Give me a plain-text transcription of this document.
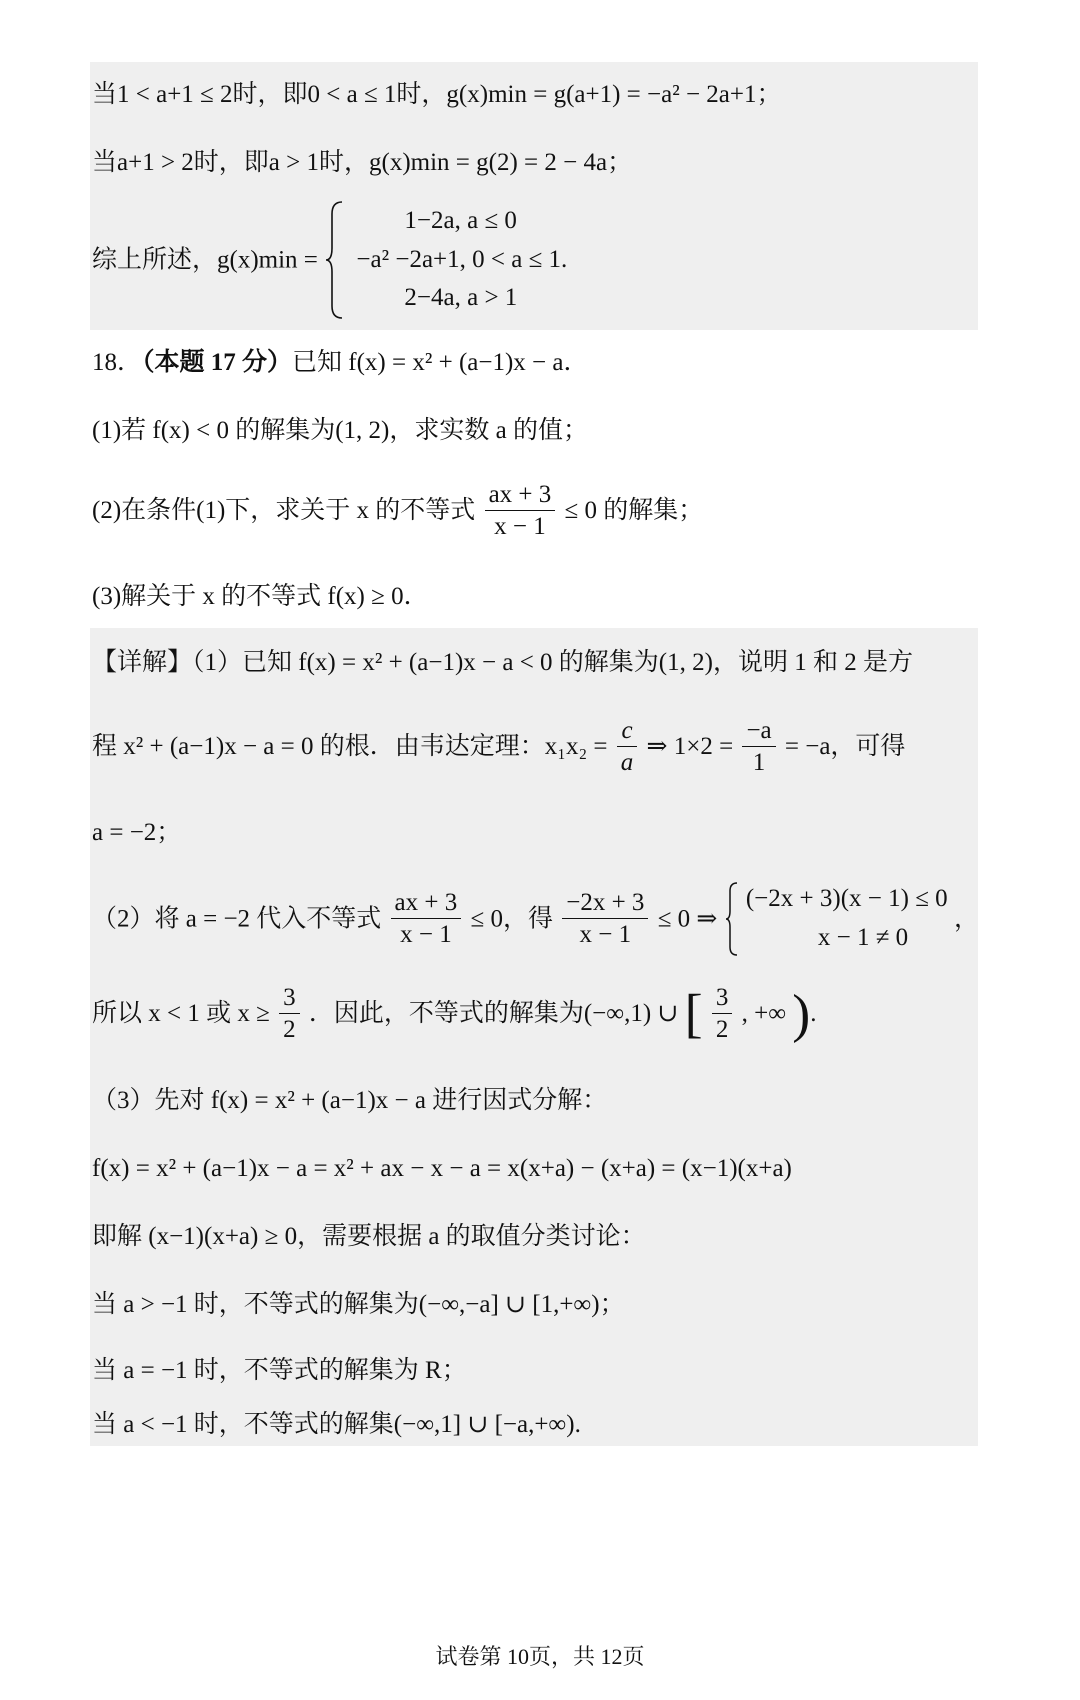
当1 < a+1 ≤ 2时，即0 < a ≤ 1时，g(x)min = g(a+1) = −a² − 2a+1；
当a+1 > 2时，即a > 1时，g(x)min = g(2) = 2 − 4a；
综上所述，g(x)min =
1−2a, a ≤ 0
−a² −2a+1, 0 < a ≤ 1.
2−4a, a > 1
18．（本题 17 分）已知 f(x) = x² + (a−1)x − a．
(1)若 f(x) < 0 的解集为(1, 2)，求实数 a 的值；
(2)在条件(1)下，求关于 x 的不等式 $\frac{ax + 3}{x - 1} \le 0$ 的解集；
(3)解关于 x 的不等式 f(x) ≥ 0．
【详解】（1）已知 f(x) = x² + (a−1)x − a < 0 的解集为(1, 2)，说明 1 和 2 是方
程 x² + (a−1)x − a = 0 的根．由韦达定理：$x_1x_2 = \frac{c}{a}$ ⇒ $1\times 2 = \frac{-a}{1} = -a$，可得
a = −2；
（2）将 a = −2 代入不等式 $\frac{ax + 3}{x - 1} \le 0$，得 $\frac{-2x + 3}{x - 1} \le 0$ ⇒
(−2x + 3)(x − 1) ≤ 0
x − 1 ≠ 0
，
所以 x < 1 或 $x \ge \frac{3}{2}$ ．因此，不等式的解集为(−∞,1) ∪ [ $\frac{3}{2}$ , +∞ ).
（3）先对 f(x) = x² + (a−1)x − a 进行因式分解：
f(x) = x² + (a−1)x − a = x² + ax − x − a = x(x+a) − (x+a) = (x−1)(x+a)
即解 (x−1)(x+a) ≥ 0，需要根据 a 的取值分类讨论：
当 a > −1 时，不等式的解集为(−∞,−a] ∪ [1,+∞)；
当 a = −1 时，不等式的解集为 R；
当 a < −1 时，不等式的解集(−∞,1] ∪ [−a,+∞).
试卷第 10页，共 12页
